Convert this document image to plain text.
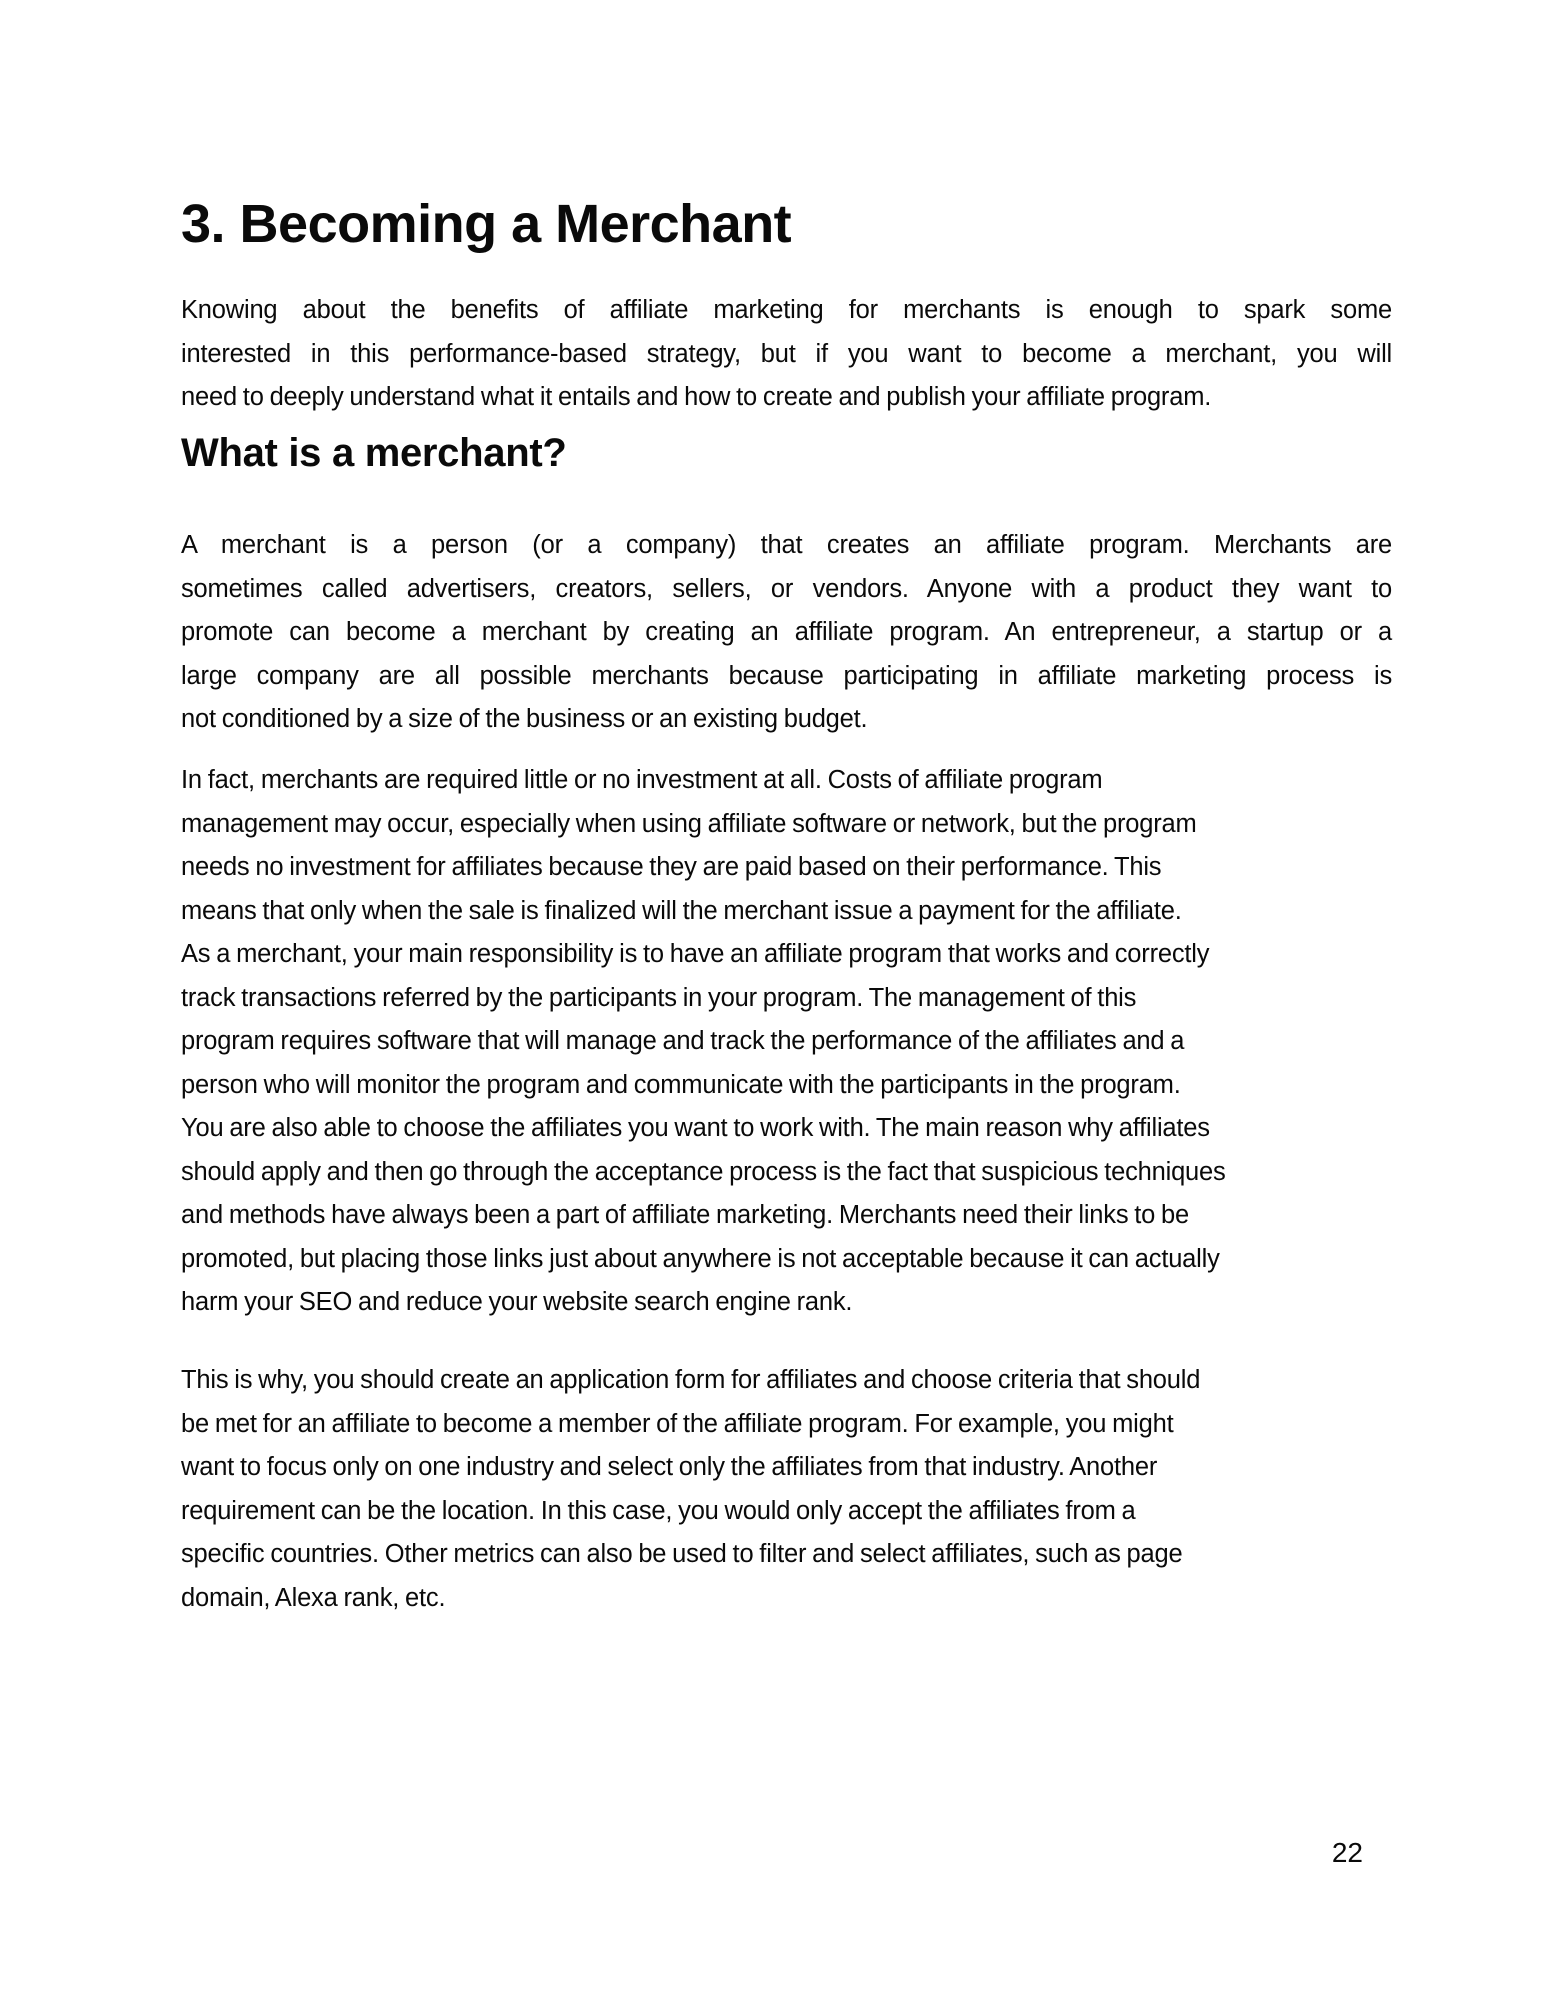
3. Becoming a Merchant
Knowing about the benefits of affiliate marketing for merchants is enough to spark some
interested in this performance-based strategy, but if you want to become a merchant, you will
need to deeply understand what it entails and how to create and publish your affiliate program.
What is a merchant?
A merchant is a person (or a company) that creates an affiliate program. Merchants are
sometimes called advertisers, creators, sellers, or vendors. Anyone with a product they want to
promote can become a merchant by creating an affiliate program. An entrepreneur, a startup or a
large company are all possible merchants because participating in affiliate marketing process is
not conditioned by a size of the business or an existing budget.
In fact, merchants are required little or no investment at all. Costs of affiliate program
management may occur, especially when using affiliate software or network, but the program
needs no investment for affiliates because they are paid based on their performance. This
means that only when the sale is finalized will the merchant issue a payment for the affiliate.
As a merchant, your main responsibility is to have an affiliate program that works and correctly
track transactions referred by the participants in your program. The management of this
program requires software that will manage and track the performance of the affiliates and a
person who will monitor the program and communicate with the participants in the program.
You are also able to choose the affiliates you want to work with. The main reason why affiliates
should apply and then go through the acceptance process is the fact that suspicious techniques
and methods have always been a part of affiliate marketing. Merchants need their links to be
promoted, but placing those links just about anywhere is not acceptable because it can actually
harm your SEO and reduce your website search engine rank.
This is why, you should create an application form for affiliates and choose criteria that should
be met for an affiliate to become a member of the affiliate program. For example, you might
want to focus only on one industry and select only the affiliates from that industry. Another
requirement can be the location. In this case, you would only accept the affiliates from a
specific countries. Other metrics can also be used to filter and select affiliates, such as page
domain, Alexa rank, etc.
22
